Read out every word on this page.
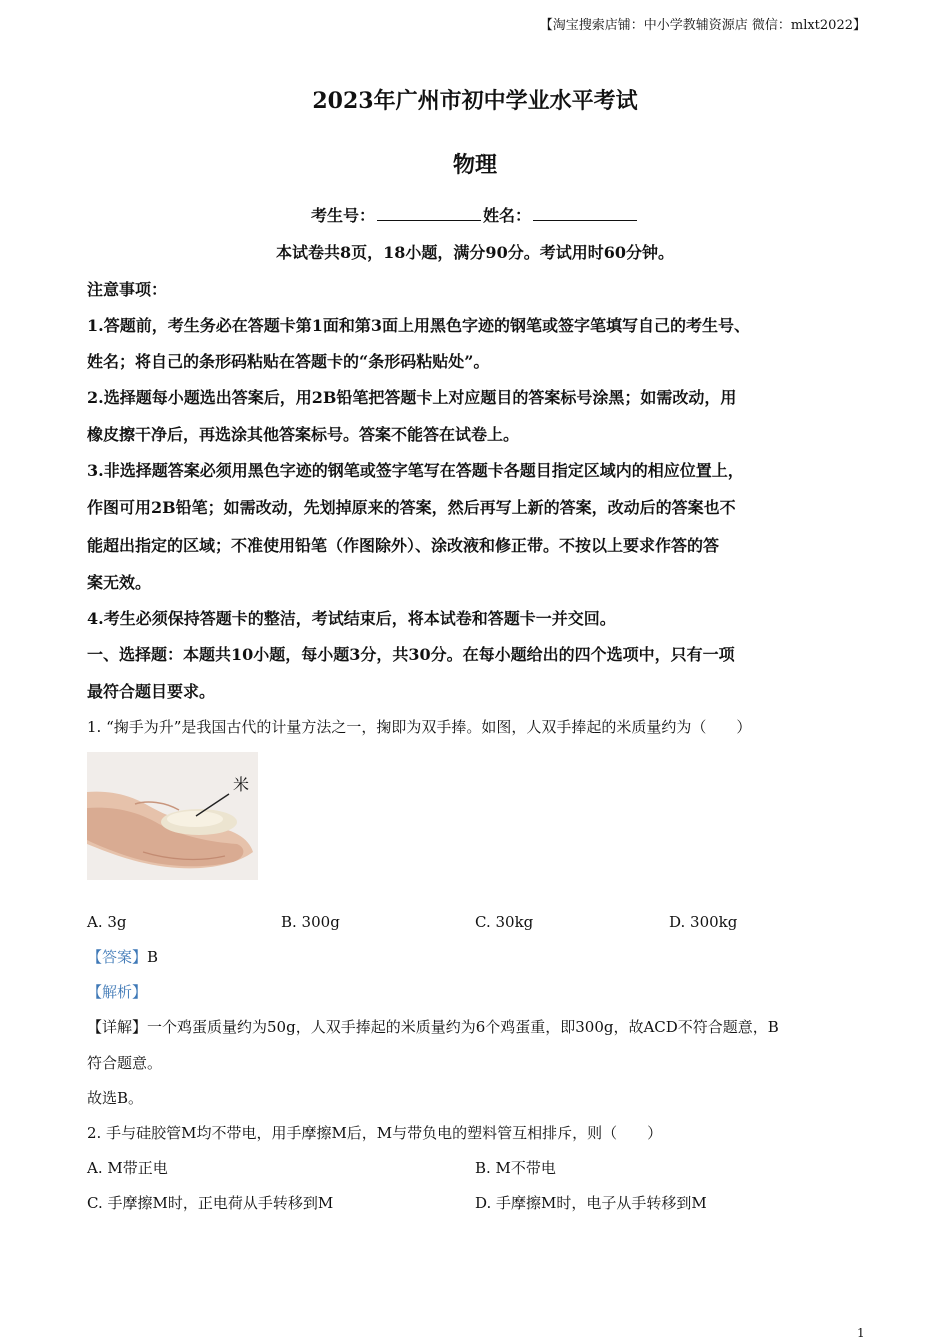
【淘宝搜索店铺：中小学教辅资源店 微信：mlxt2022】
2023年广州市初中学业水平考试
物理
考生号：	姓名：
本试卷共8页，18小题，满分90分。考试用时60分钟。
注意事项：
1.答题前，考生务必在答题卡第1面和第3面上用黑色字迹的钢笔或签字笔填写自己的考生号、
姓名；将自己的条形码粘贴在答题卡的“条形码粘贴处”。
2.选择题每小题选出答案后，用2B铅笔把答题卡上对应题目的答案标号涂黑；如需改动，用
橡皮擦干净后，再选涂其他答案标号。答案不能答在试卷上。
3.非选择题答案必须用黑色字迹的钢笔或签字笔写在答题卡各题目指定区域内的相应位置上，
作图可用2B铅笔；如需改动，先划掉原来的答案，然后再写上新的答案，改动后的答案也不
能超出指定的区域；不准使用铅笔（作图除外）、涂改液和修正带。不按以上要求作答的答
案无效。
4.考生必须保持答题卡的整洁，考试结束后，将本试卷和答题卡一并交回。
一、选择题：本题共10小题，每小题3分，共30分。在每小题给出的四个选项中，只有一项
最符合题目要求。
1. “掬手为升”是我国古代的计量方法之一，掬即为双手捧。如图，人双手捧起的米质量约为（　　）
米
A. 3g	B. 300g	C. 30kg	D. 300kg
【答案】B
【解析】
【详解】一个鸡蛋质量约为50g，人双手捧起的米质量约为6个鸡蛋重，即300g，故ACD不符合题意，B
符合题意。
故选B。
2. 手与硅胶管M均不带电，用手摩擦M后，M与带负电的塑料管互相排斥，则（　　）
A. M带正电	B. M不带电
C. 手摩擦M时，正电荷从手转移到M	D. 手摩擦M时，电子从手转移到M
1
